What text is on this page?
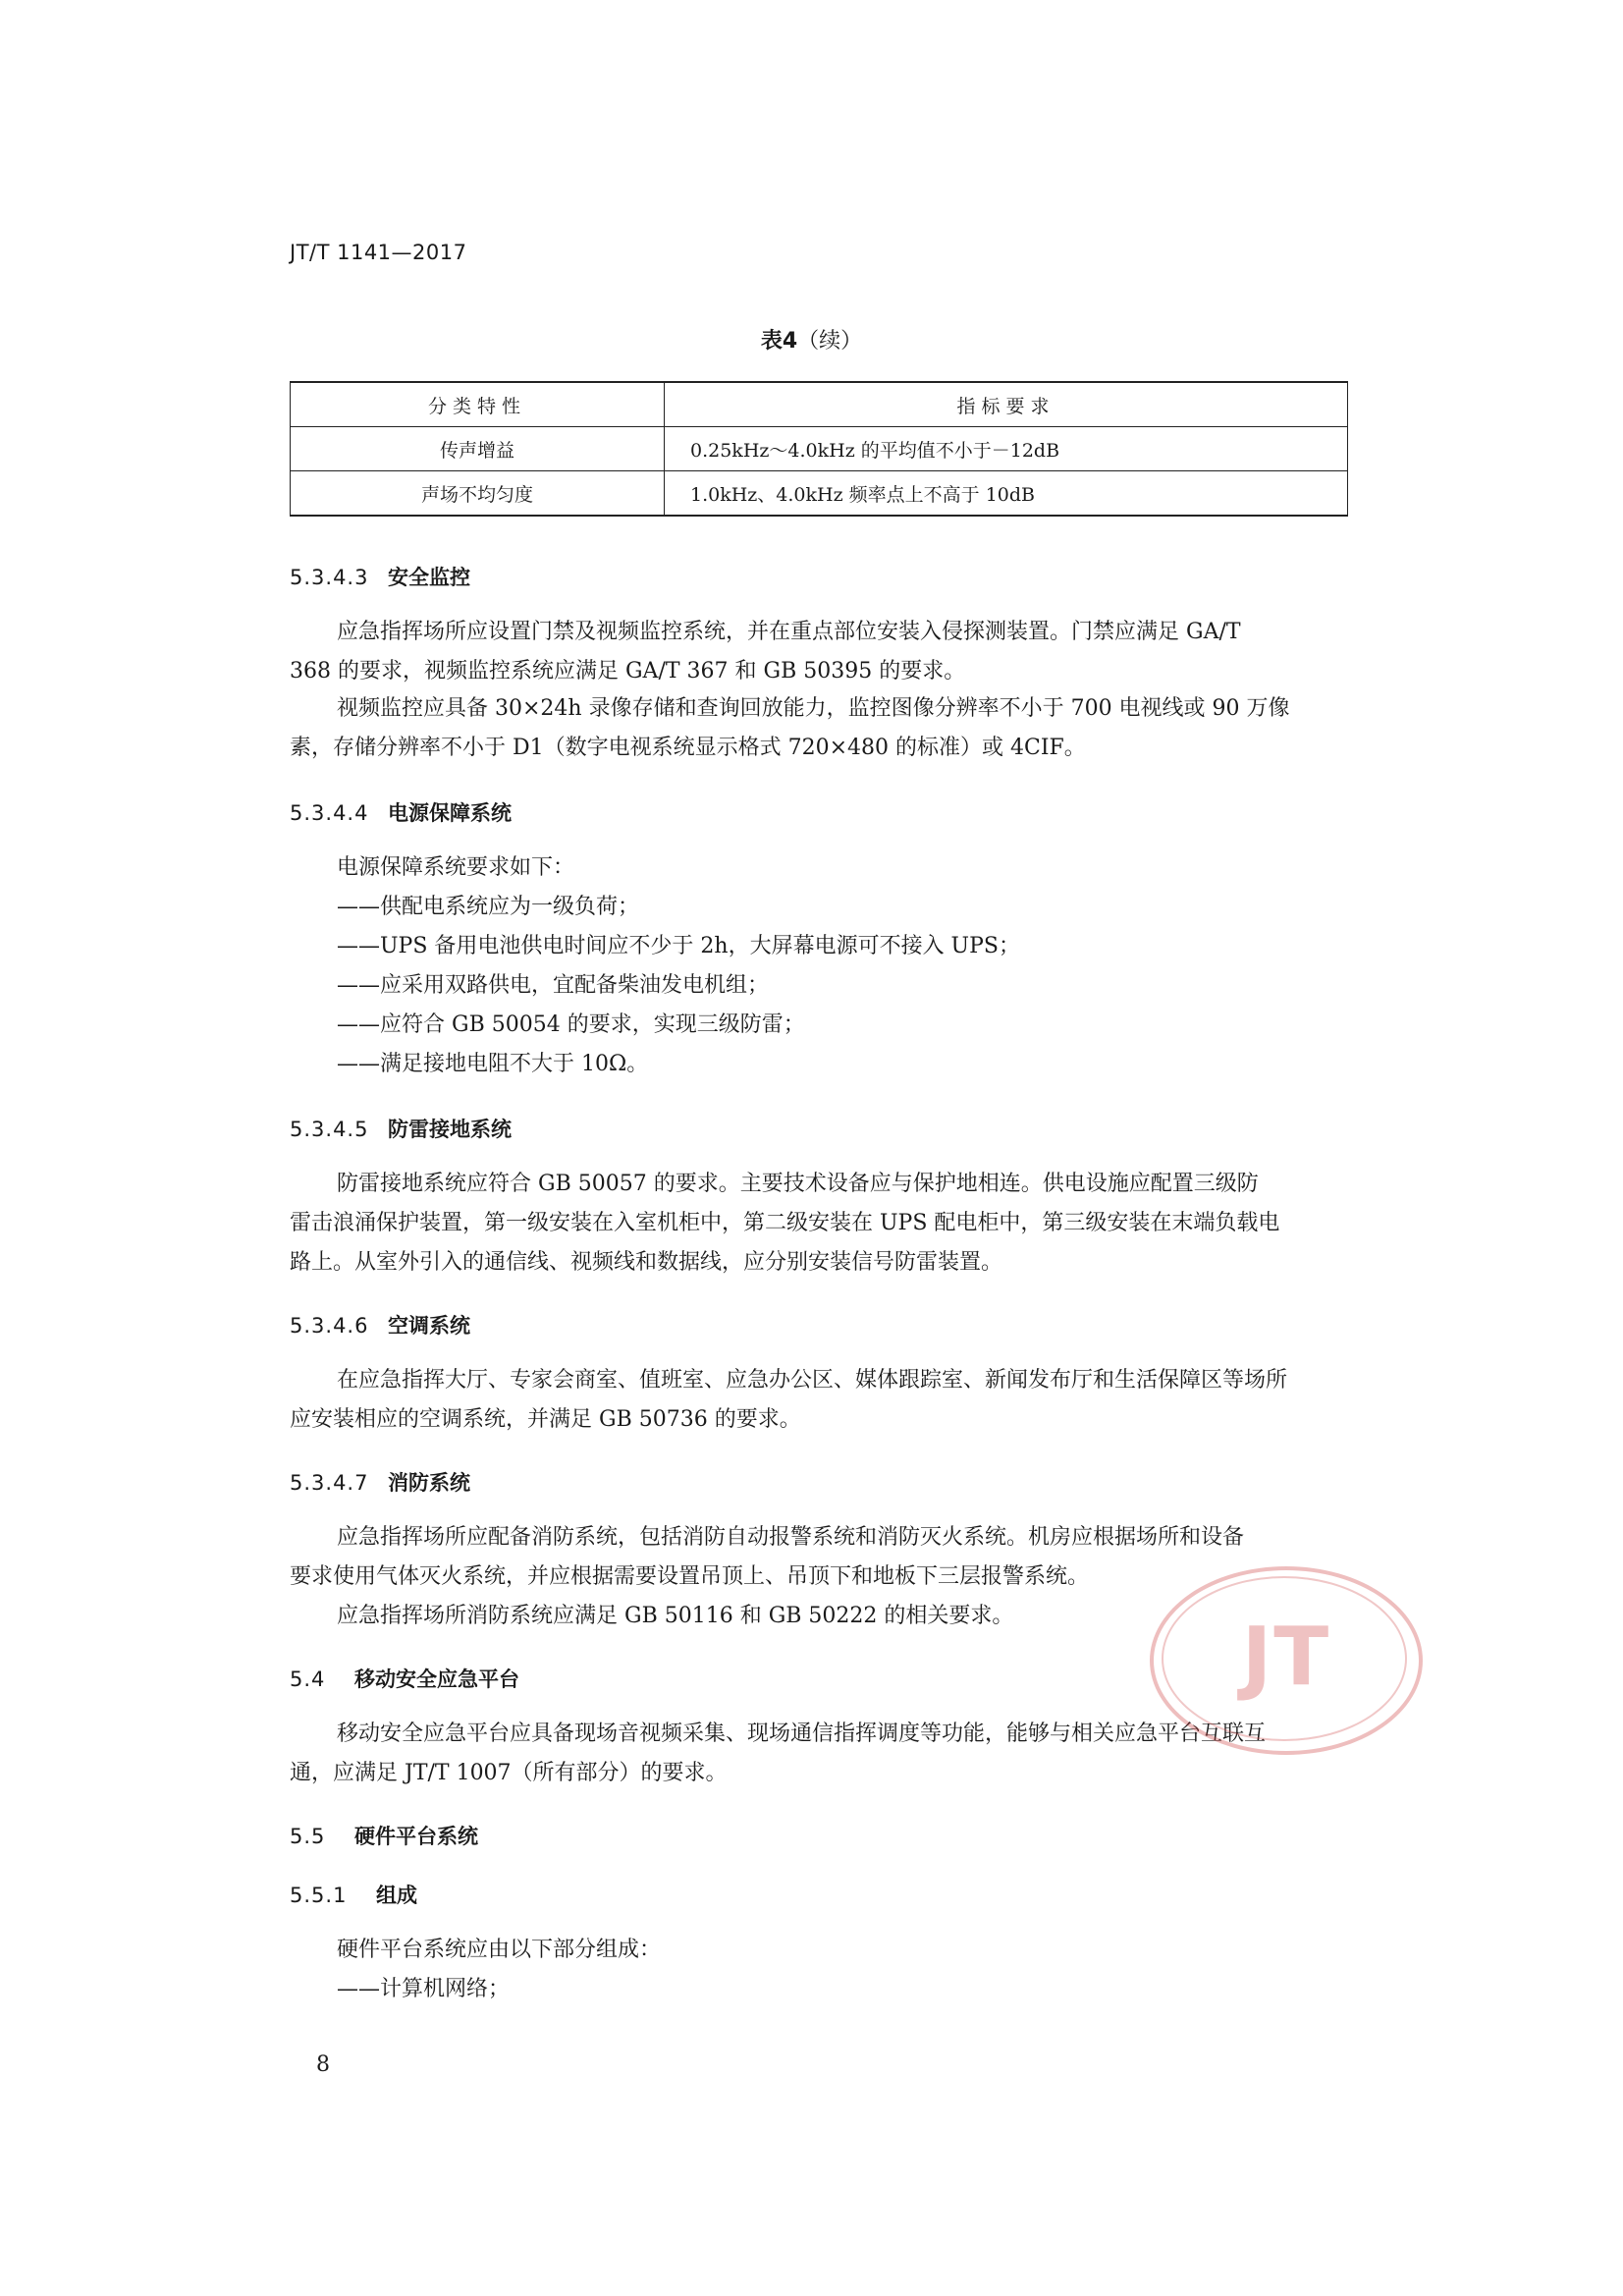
JT/T 1141—2017
表4（续）
分类特性	指标要求
传声增益	0.25kHz～4.0kHz 的平均值不小于－12dB
声场不均匀度	1.0kHz、4.0kHz 频率点上不高于 10dB
5.3.4.3 安全监控
应急指挥场所应设置门禁及视频监控系统，并在重点部位安装入侵探测装置。门禁应满足 GA/T
368 的要求，视频监控系统应满足 GA/T 367 和 GB 50395 的要求。
视频监控应具备 30×24h 录像存储和查询回放能力，监控图像分辨率不小于 700 电视线或 90 万像
素，存储分辨率不小于 D1（数字电视系统显示格式 720×480 的标准）或 4CIF。
5.3.4.4 电源保障系统
电源保障系统要求如下：
——供配电系统应为一级负荷；
——UPS 备用电池供电时间应不少于 2h，大屏幕电源可不接入 UPS；
——应采用双路供电，宜配备柴油发电机组；
——应符合 GB 50054 的要求，实现三级防雷；
——满足接地电阻不大于 10Ω。
5.3.4.5 防雷接地系统
防雷接地系统应符合 GB 50057 的要求。主要技术设备应与保护地相连。供电设施应配置三级防
雷击浪涌保护装置，第一级安装在入室机柜中，第二级安装在 UPS 配电柜中，第三级安装在末端负载电
路上。从室外引入的通信线、视频线和数据线，应分别安装信号防雷装置。
5.3.4.6 空调系统
在应急指挥大厅、专家会商室、值班室、应急办公区、媒体跟踪室、新闻发布厅和生活保障区等场所
应安装相应的空调系统，并满足 GB 50736 的要求。
5.3.4.7 消防系统
应急指挥场所应配备消防系统，包括消防自动报警系统和消防灭火系统。机房应根据场所和设备
要求使用气体灭火系统，并应根据需要设置吊顶上、吊顶下和地板下三层报警系统。
应急指挥场所消防系统应满足 GB 50116 和 GB 50222 的相关要求。
5.4 移动安全应急平台
移动安全应急平台应具备现场音视频采集、现场通信指挥调度等功能，能够与相关应急平台互联互
通，应满足 JT/T 1007（所有部分）的要求。
5.5 硬件平台系统
5.5.1 组成
硬件平台系统应由以下部分组成：
——计算机网络；
8
JT
